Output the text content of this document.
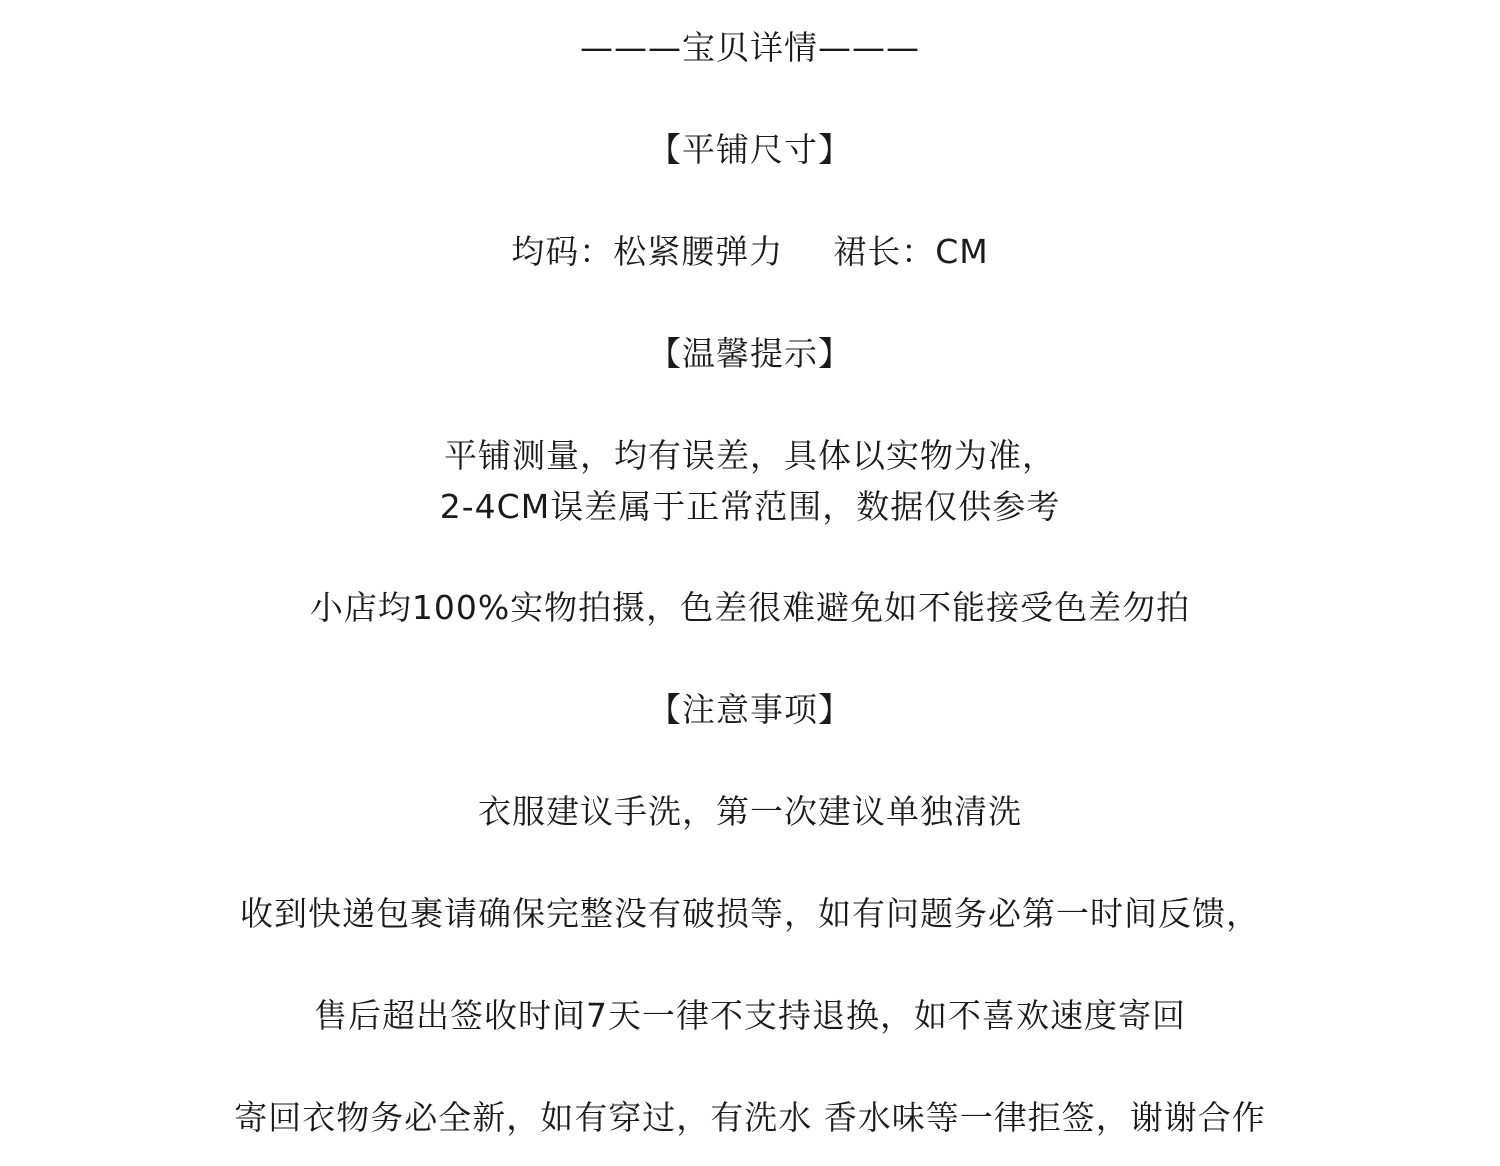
———宝贝详情———
【平铺尺寸】
均码：松紧腰弹力 裙长：CM
【温馨提示】
平铺测量，均有误差，具体以实物为准，
2-4CM误差属于正常范围，数据仅供参考
小店均100%实物拍摄，色差很难避免如不能接受色差勿拍
【注意事项】
衣服建议手洗，第一次建议单独清洗
收到快递包裹请确保完整没有破损等，如有问题务必第一时间反馈，
售后超出签收时间7天一律不支持退换，如不喜欢速度寄回
寄回衣物务必全新，如有穿过，有洗水 香水味等一律拒签，谢谢合作
